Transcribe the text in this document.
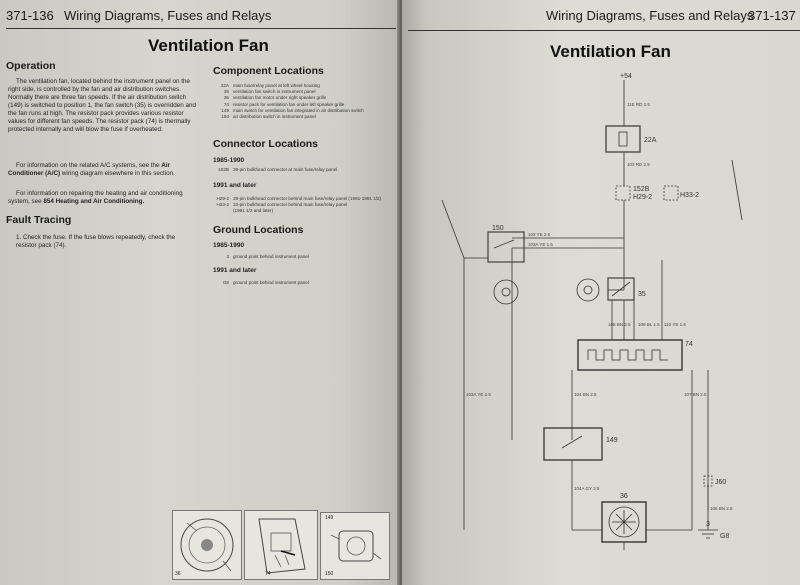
371-136 Wiring Diagrams, Fuses and Relays
Ventilation Fan
Operation
The ventilation fan, located behind the instrument panel on the right side, is controlled by the fan and air distribution switches. Normally there are three fan speeds. If the air distribution switch (149) is switched to position 1, the fan switch (35) is overridden and the fan runs at high. The resistor pack provides various resistor values for different fan speeds. The resistor pack (74) is thermally protected internally and will blow the fuse if overheated.
For information on the related A/C systems, see the Air Conditioner (A/C) wiring diagram elsewhere in this section.
For information on repairing the heating and air conditioning system, see 854 Heating and Air Conditioning.
Fault Tracing
1. Check the fuse. If the fuse blows repeatedly, check the resistor pack (74).
Component Locations
22A main fuse/relay panel at left wheel housing
35 ventilation fan switch in instrument panel
36 ventilation fan motor under right speaker grille
74 resistor pack for ventilation fan under left speaker grille
149 main switch for ventilation fan integrated in air distribution switch
150 air distribution switch in instrument panel
Connector Locations
1985-1990
152B 29-pin bulkhead connector at main fuse/relay panel
1991 and later
H29-2 29-pin bulkhead connector behind main fuse/relay panel (1991-1991 1/2)
H33-2 33-pin bulkhead connector behind main fuse/relay panel
(1991 1/2 and later)
Ground Locations
1985-1990
3 ground point behind instrument panel
1991 and later
G8 ground point behind instrument panel
36	74
149
150
Wiring Diagrams, Fuses and Relays
371-137
Ventilation Fan
+54
22A
152B
H29-2	H33-2
150
35
74
149
36
J60
3
G8
11E RD 2.5
103 RD 2.5
103 YE 2.5
103A YE 1.5
108 BN 2.5 109 BL 1.5 110 YE 1.5
103A YE 2.5	104 BN 2.5	107 BN 2.5
104A GY 2.5
105 BN 2.5
